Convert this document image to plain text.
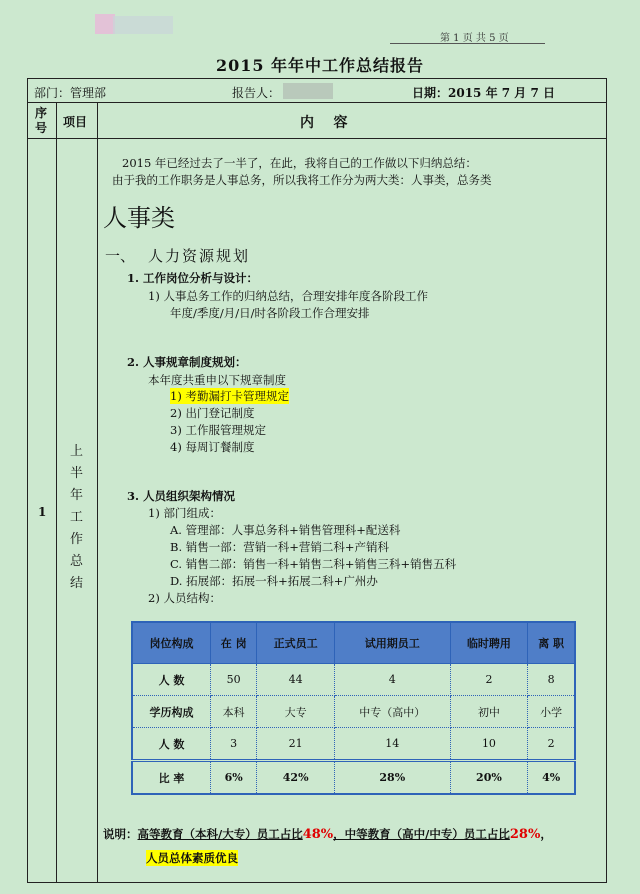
第 1 页 共 5 页
2015 年年中工作总结报告
部门：管理部	报告人：	日期：2015 年 7 月 7 日
序号 项目	内    容
1
上
半
年
工
作
总
结
2015 年已经过去了一半了，在此，我将自己的工作做以下归纳总结：
由于我的工作职务是人事总务，所以我将工作分为两大类：人事类，总务类
人事类
一、 人力资源规划
1. 工作岗位分析与设计：
1) 人事总务工作的归纳总结，合理安排年度各阶段工作
年度/季度/月/日/时各阶段工作合理安排
2. 人事规章制度规划：
本年度共重申以下规章制度
1) 考勤漏打卡管理规定
2) 出门登记制度
3) 工作服管理规定
4) 每周订餐制度
3. 人员组织架构情况
1) 部门组成：
A. 管理部：人事总务科+销售管理科+配送科
B. 销售一部：营销一科+营销二科+产销科
C. 销售二部：销售一科+销售二科+销售三科+销售五科
D. 拓展部：拓展一科+拓展二科+广州办
2) 人员结构：
岗位构成	在 岗	正式员工	试用期员工	临时聘用	离 职
人 数	50	44	4	2	8
学历构成	本科	大专	中专（高中）	初中	小学
人 数	3	21	14	10	2
比 率	6%	42%	28%	20%	4%
说明：高等教育（本科/大专）员工占比48%，中等教育（高中/中专）员工占比28%，
人员总体素质优良
